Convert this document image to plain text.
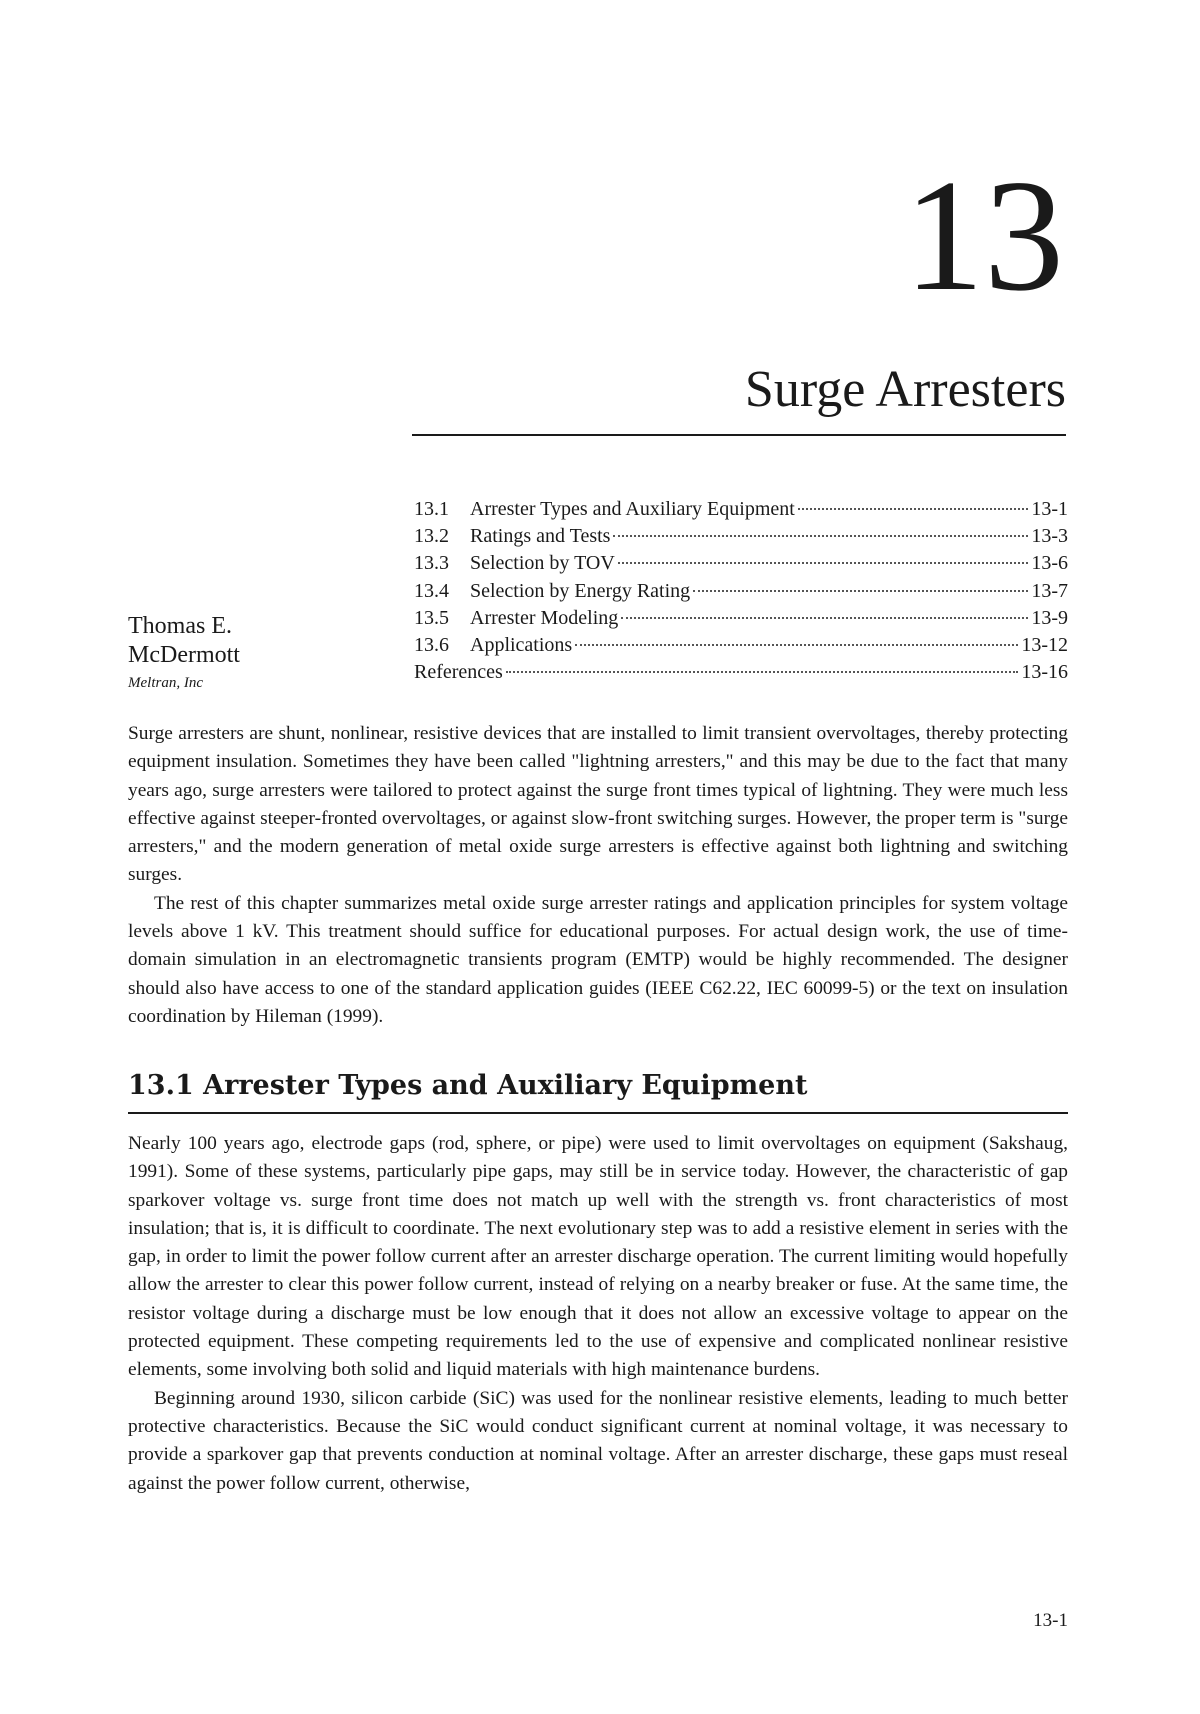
13
Surge Arresters
Thomas E.
McDermott
Meltran, Inc
13.1	Arrester Types and Auxiliary Equipment	13-1
13.2	Ratings and Tests	13-3
13.3	Selection by TOV	13-6
13.4	Selection by Energy Rating	13-7
13.5	Arrester Modeling	13-9
13.6	Applications	13-12
References	13-16

Surge arresters are shunt, nonlinear, resistive devices that are installed to limit transient overvoltages, thereby protecting equipment insulation. Sometimes they have been called "lightning arresters," and this may be due to the fact that many years ago, surge arresters were tailored to protect against the surge front times typical of lightning. They were much less effective against steeper-fronted overvoltages, or against slow-front switching surges. However, the proper term is "surge arresters," and the modern generation of metal oxide surge arresters is effective against both lightning and switching surges.

The rest of this chapter summarizes metal oxide surge arrester ratings and application principles for system voltage levels above 1 kV. This treatment should suffice for educational purposes. For actual design work, the use of time-domain simulation in an electromagnetic transients program (EMTP) would be highly recommended. The designer should also have access to one of the standard application guides (IEEE C62.22, IEC 60099-5) or the text on insulation coordination by Hileman (1999).

13.1 Arrester Types and Auxiliary Equipment

Nearly 100 years ago, electrode gaps (rod, sphere, or pipe) were used to limit overvoltages on equipment (Sakshaug, 1991). Some of these systems, particularly pipe gaps, may still be in service today. However, the characteristic of gap sparkover voltage vs. surge front time does not match up well with the strength vs. front characteristics of most insulation; that is, it is difficult to coordinate. The next evolutionary step was to add a resistive element in series with the gap, in order to limit the power follow current after an arrester discharge operation. The current limiting would hopefully allow the arrester to clear this power follow current, instead of relying on a nearby breaker or fuse. At the same time, the resistor voltage during a discharge must be low enough that it does not allow an excessive voltage to appear on the protected equipment. These competing requirements led to the use of expensive and complicated nonlinear resistive elements, some involving both solid and liquid materials with high maintenance burdens.

Beginning around 1930, silicon carbide (SiC) was used for the nonlinear resistive elements, leading to much better protective characteristics. Because the SiC would conduct significant current at nominal voltage, it was necessary to provide a sparkover gap that prevents conduction at nominal voltage. After an arrester discharge, these gaps must reseal against the power follow current, otherwise,

13-1
